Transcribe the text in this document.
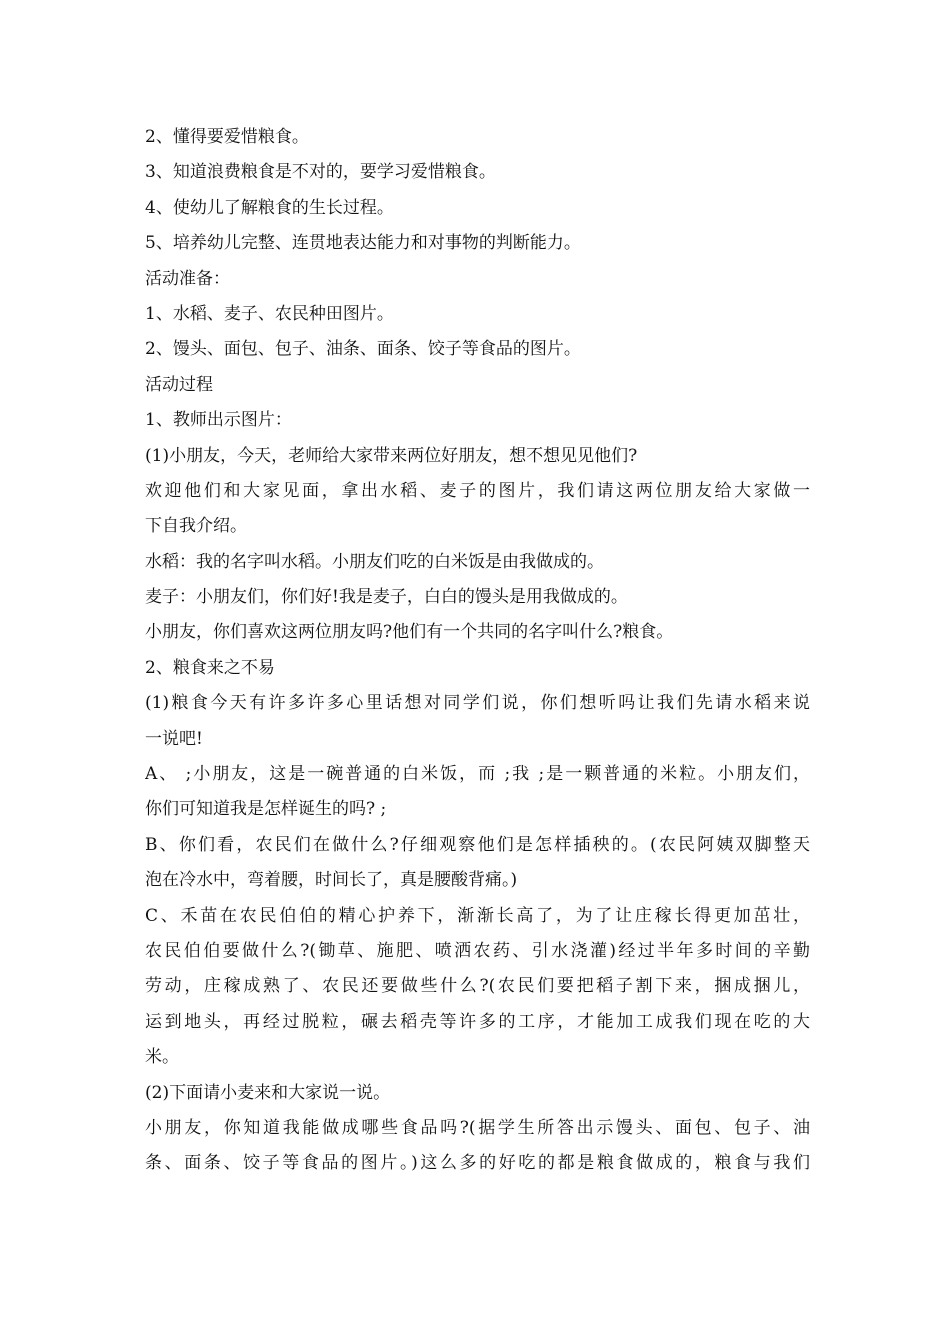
2、懂得要爱惜粮食。
3、知道浪费粮食是不对的，要学习爱惜粮食。
4、使幼儿了解粮食的生长过程。
5、培养幼儿完整、连贯地表达能力和对事物的判断能力。
活动准备：
1、水稻、麦子、农民种田图片。
2、馒头、面包、包子、油条、面条、饺子等食品的图片。
活动过程
1、教师出示图片：
(1)小朋友，今天，老师给大家带来两位好朋友，想不想见见他们?
欢迎他们和大家见面，拿出水稻、麦子的图片，我们请这两位朋友给大家做一
下自我介绍。
水稻：我的名字叫水稻。小朋友们吃的白米饭是由我做成的。
麦子：小朋友们，你们好!我是麦子，白白的馒头是用我做成的。
小朋友，你们喜欢这两位朋友吗?他们有一个共同的名字叫什么?粮食。
2、粮食来之不易
(1)粮食今天有许多许多心里话想对同学们说，你们想听吗让我们先请水稻来说
一说吧!
A、 ;小朋友，这是一碗普通的白米饭，而 ;我 ;是一颗普通的米粒。小朋友们，
你们可知道我是怎样诞生的吗? ;
B、你们看，农民们在做什么?仔细观察他们是怎样插秧的。(农民阿姨双脚整天
泡在冷水中，弯着腰，时间长了，真是腰酸背痛。)
C、禾苗在农民伯伯的精心护养下，渐渐长高了，为了让庄稼长得更加茁壮，
农民伯伯要做什么?(锄草、施肥、喷洒农药、引水浇灌)经过半年多时间的辛勤
劳动，庄稼成熟了、农民还要做些什么?(农民们要把稻子割下来，捆成捆儿，
运到地头，再经过脱粒，碾去稻壳等许多的工序，才能加工成我们现在吃的大
米。
(2)下面请小麦来和大家说一说。
小朋友，你知道我能做成哪些食品吗?(据学生所答出示馒头、面包、包子、油
条、面条、饺子等食品的图片。)这么多的好吃的都是粮食做成的，粮食与我们
